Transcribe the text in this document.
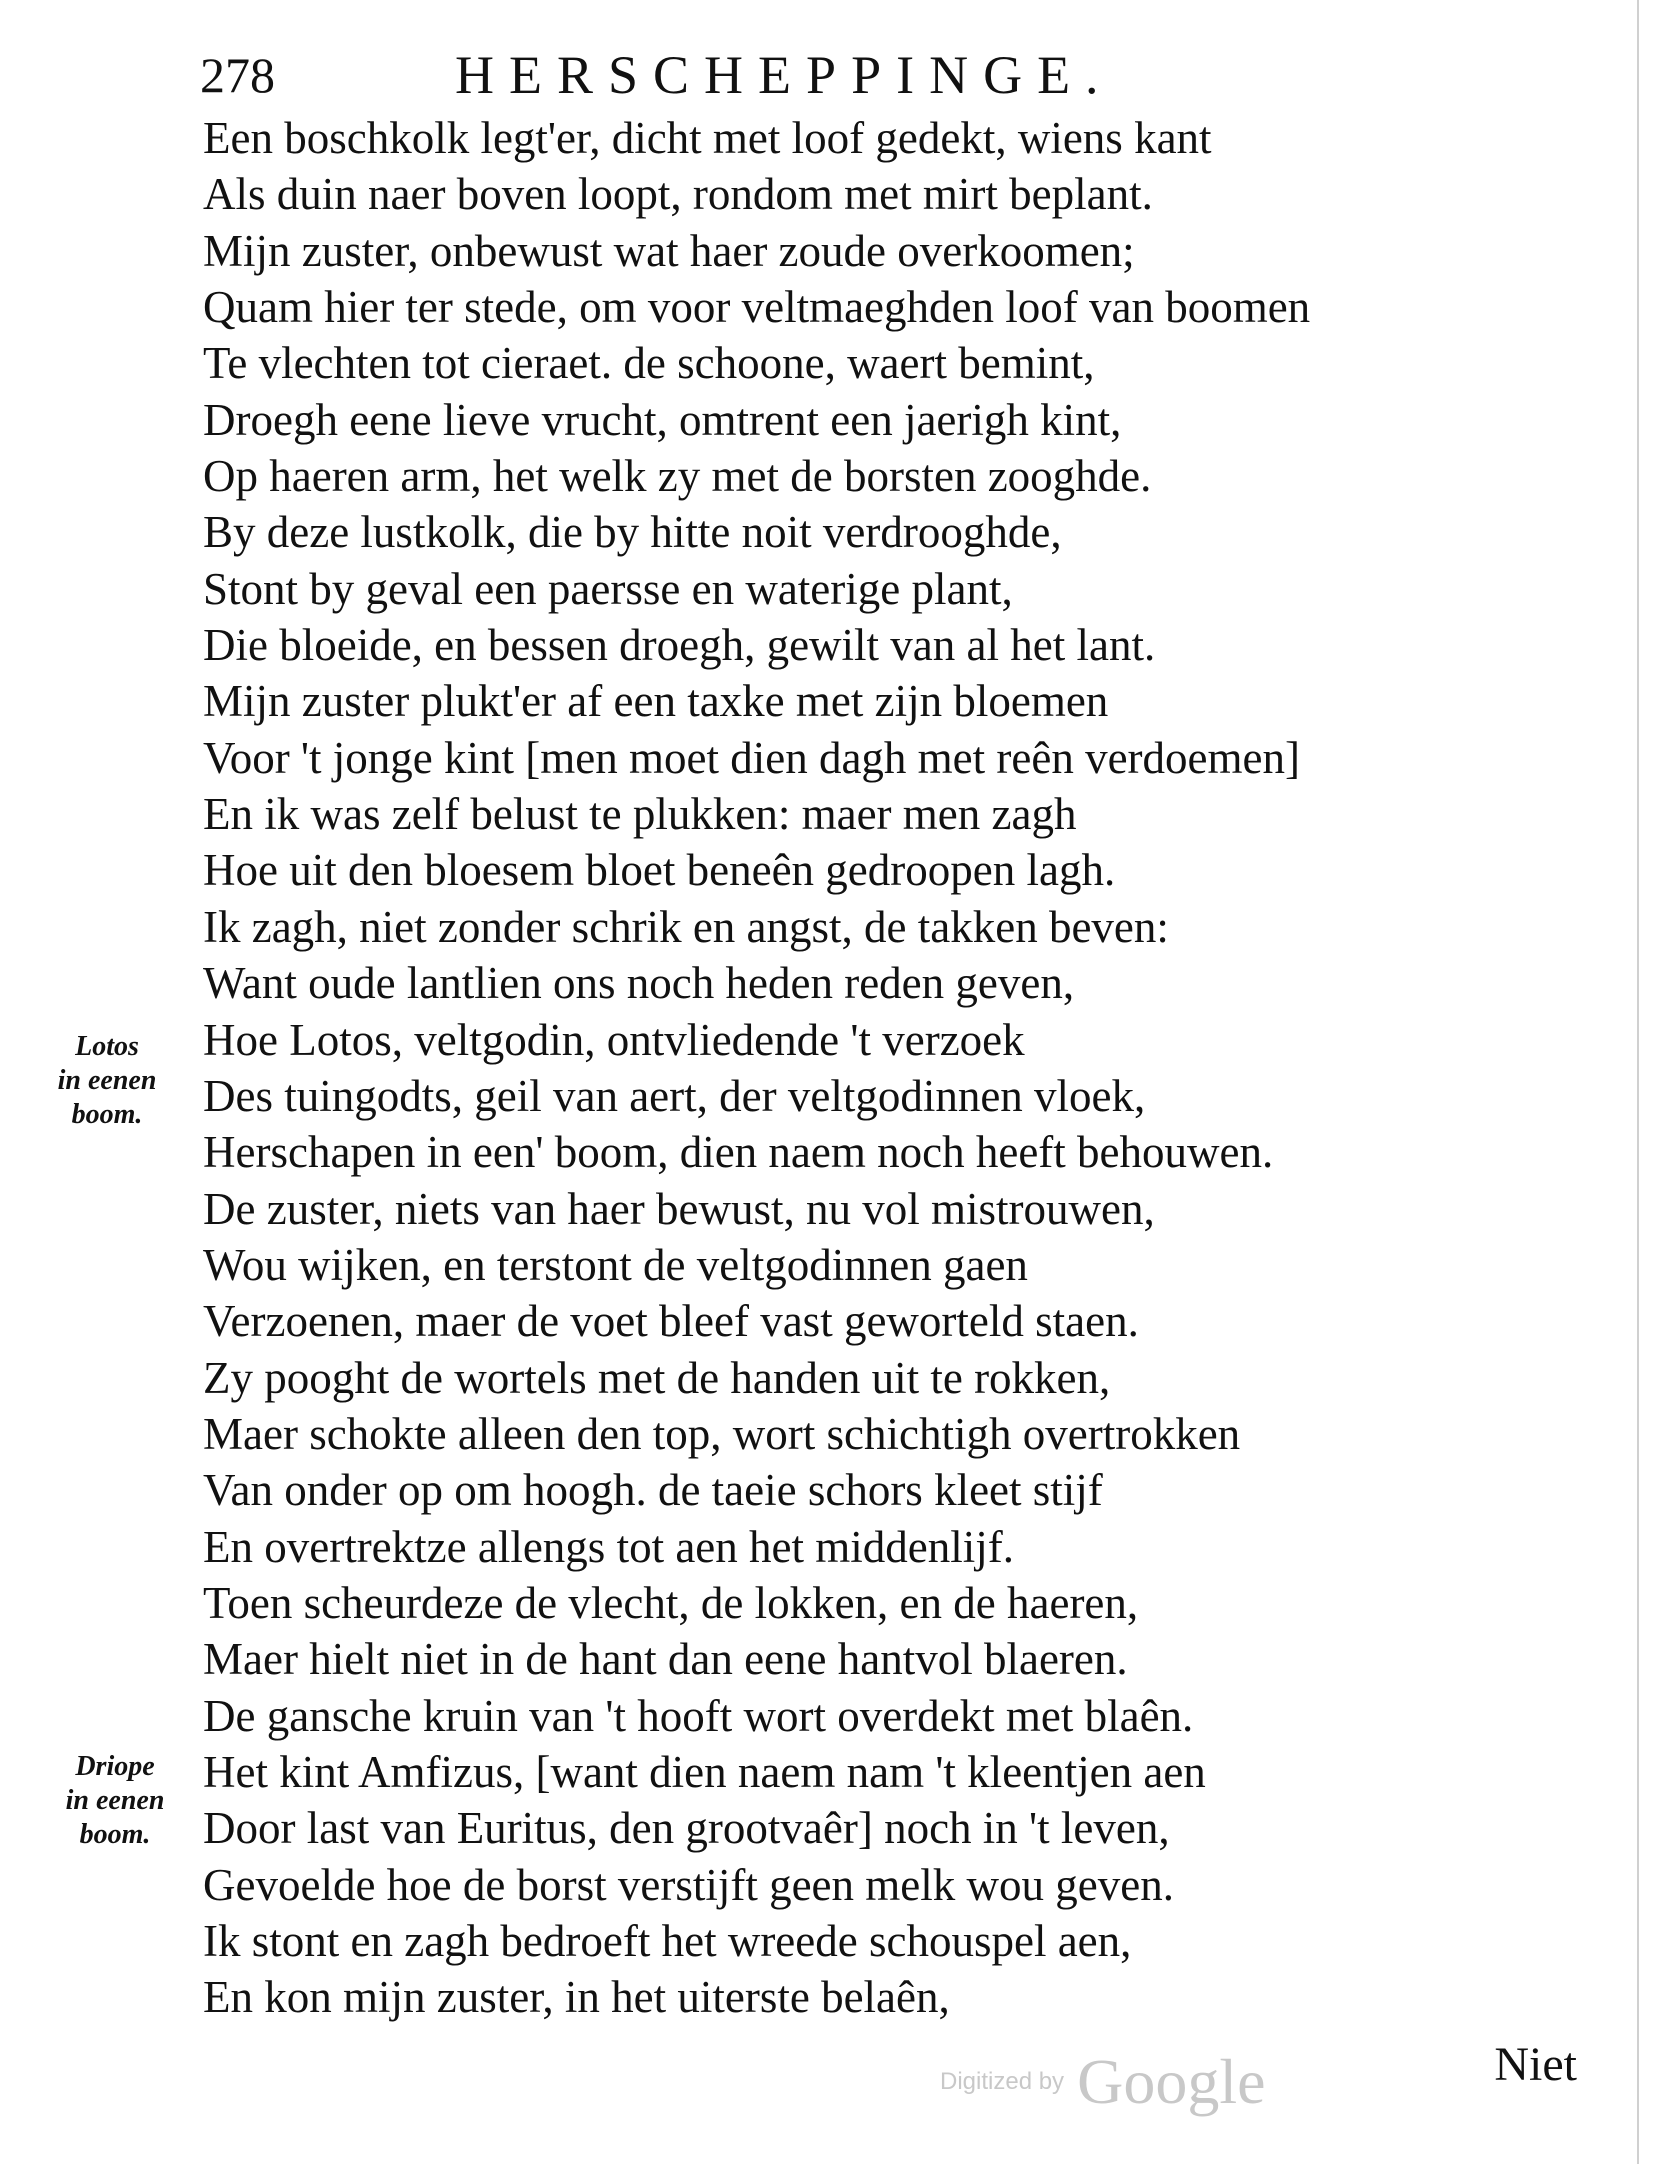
278	HERSCHEPPINGE.
Een boschkolk legt'er, dicht met loof gedekt, wiens kant
Als duin naer boven loopt, rondom met mirt beplant.
Mijn zuster, onbewust wat haer zoude overkoomen;
Quam hier ter stede, om voor veltmaeghden loof van boomen
Te vlechten tot cieraet. de schoone, waert bemint,
Droegh eene lieve vrucht, omtrent een jaerigh kint,
Op haeren arm, het welk zy met de borsten zooghde.
By deze lustkolk, die by hitte noit verdrooghde,
Stont by geval een paersse en waterige plant,
Die bloeide, en bessen droegh, gewilt van al het lant.
Mijn zuster plukt'er af een taxke met zijn bloemen
Voor 't jonge kint [men moet dien dagh met reên verdoemen]
En ik was zelf belust te plukken: maer men zagh
Hoe uit den bloesem bloet beneên gedroopen lagh.
Ik zagh, niet zonder schrik en angst, de takken beven:
Want oude lantlien ons noch heden reden geven,
Hoe Lotos, veltgodin, ontvliedende 't verzoek
Des tuingodts, geil van aert, der veltgodinnen vloek,
Herschapen in een' boom, dien naem noch heeft behouwen.
De zuster, niets van haer bewust, nu vol mistrouwen,
Wou wijken, en terstont de veltgodinnen gaen
Verzoenen, maer de voet bleef vast geworteld staen.
Zy pooght de wortels met de handen uit te rokken,
Maer schokte alleen den top, wort schichtigh overtrokken
Van onder op om hoogh. de taeie schors kleet stijf
En overtrektze allengs tot aen het middenlijf.
Toen scheurdeze de vlecht, de lokken, en de haeren,
Maer hielt niet in de hant dan eene hantvol blaeren.
De gansche kruin van 't hooft wort overdekt met blaên.
Het kint Amfizus, [want dien naem nam 't kleentjen aen
Door last van Euritus, den grootvaêr] noch in 't leven,
Gevoelde hoe de borst verstijft geen melk wou geven.
Ik stont en zagh bedroeft het wreede schouspel aen,
En kon mijn zuster, in het uiterste belaên,
Lotos
in eenen
boom.
Driope
in eenen
boom.
Digitized by Google	Niet
